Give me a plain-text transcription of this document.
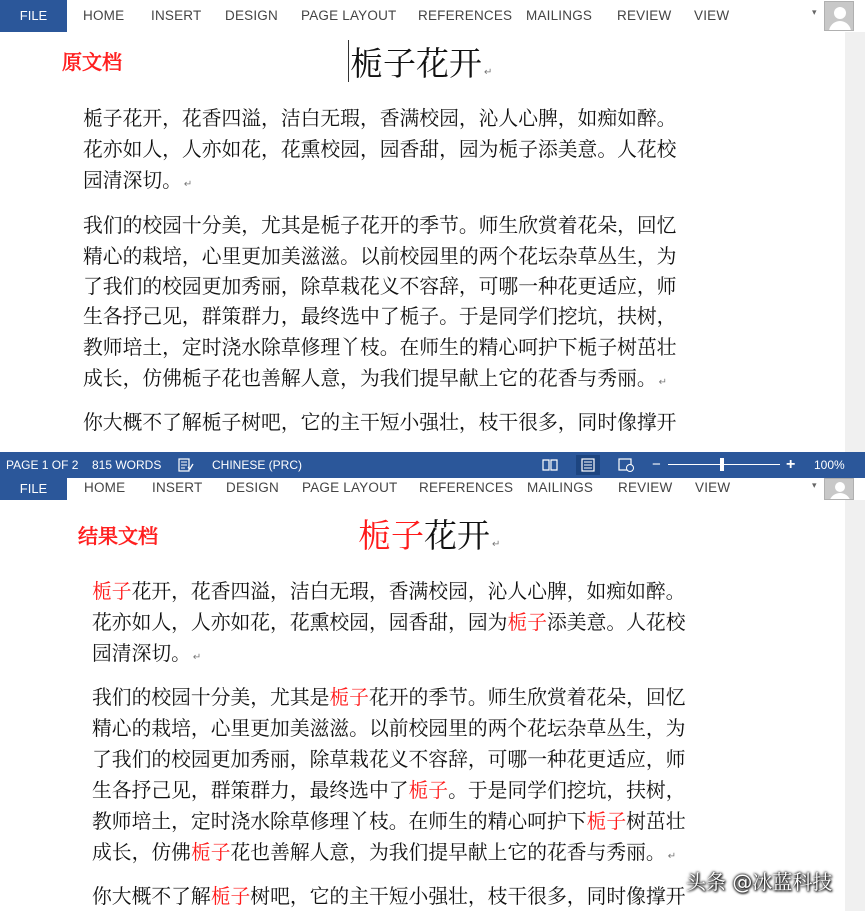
FILE	HOME INSERT DESIGN PAGE LAYOUT REFERENCES MAILINGS REVIEW VIEW	▾
原文档	栀子花开 ↵
栀子花开，花香四溢，洁白无瑕，香满校园，沁人心脾，如痴如醉。
花亦如人，人亦如花，花熏校园，园香甜，园为栀子添美意。人花校
园清深切。 ↵
我们的校园十分美，尤其是栀子花开的季节。师生欣赏着花朵，回忆
精心的栽培，心里更加美滋滋。以前校园里的两个花坛杂草丛生，为
了我们的校园更加秀丽，除草栽花义不容辞，可哪一种花更适应，师
生各抒己见，群策群力，最终选中了栀子。于是同学们挖坑，扶树，
教师培土，定时浇水除草修理丫枝。在师生的精心呵护下栀子树茁壮
成长，仿佛栀子花也善解人意，为我们提早献上它的花香与秀丽。 ↵
你大概不了解栀子树吧，它的主干短小强壮，枝干很多，同时像撑开
PAGE 1 OF 2 815 WORDS	CHINESE (PRC)	−	+ 100%
FILE	HOME INSERT DESIGN PAGE LAYOUT REFERENCES MAILINGS REVIEW VIEW	▾
结果文档	栀子花开 ↵
栀子花开，花香四溢，洁白无瑕，香满校园，沁人心脾，如痴如醉。
花亦如人，人亦如花，花熏校园，园香甜，园为栀子添美意。人花校
园清深切。 ↵
我们的校园十分美，尤其是栀子花开的季节。师生欣赏着花朵，回忆
精心的栽培，心里更加美滋滋。以前校园里的两个花坛杂草丛生，为
了我们的校园更加秀丽，除草栽花义不容辞，可哪一种花更适应，师
生各抒己见，群策群力，最终选中了栀子。于是同学们挖坑，扶树，
教师培土，定时浇水除草修理丫枝。在师生的精心呵护下栀子树茁壮
成长，仿佛栀子花也善解人意，为我们提早献上它的花香与秀丽。 ↵
你大概不了解栀子树吧，它的主干短小强壮，枝干很多，同时像撑开
头条 @冰蓝科技
